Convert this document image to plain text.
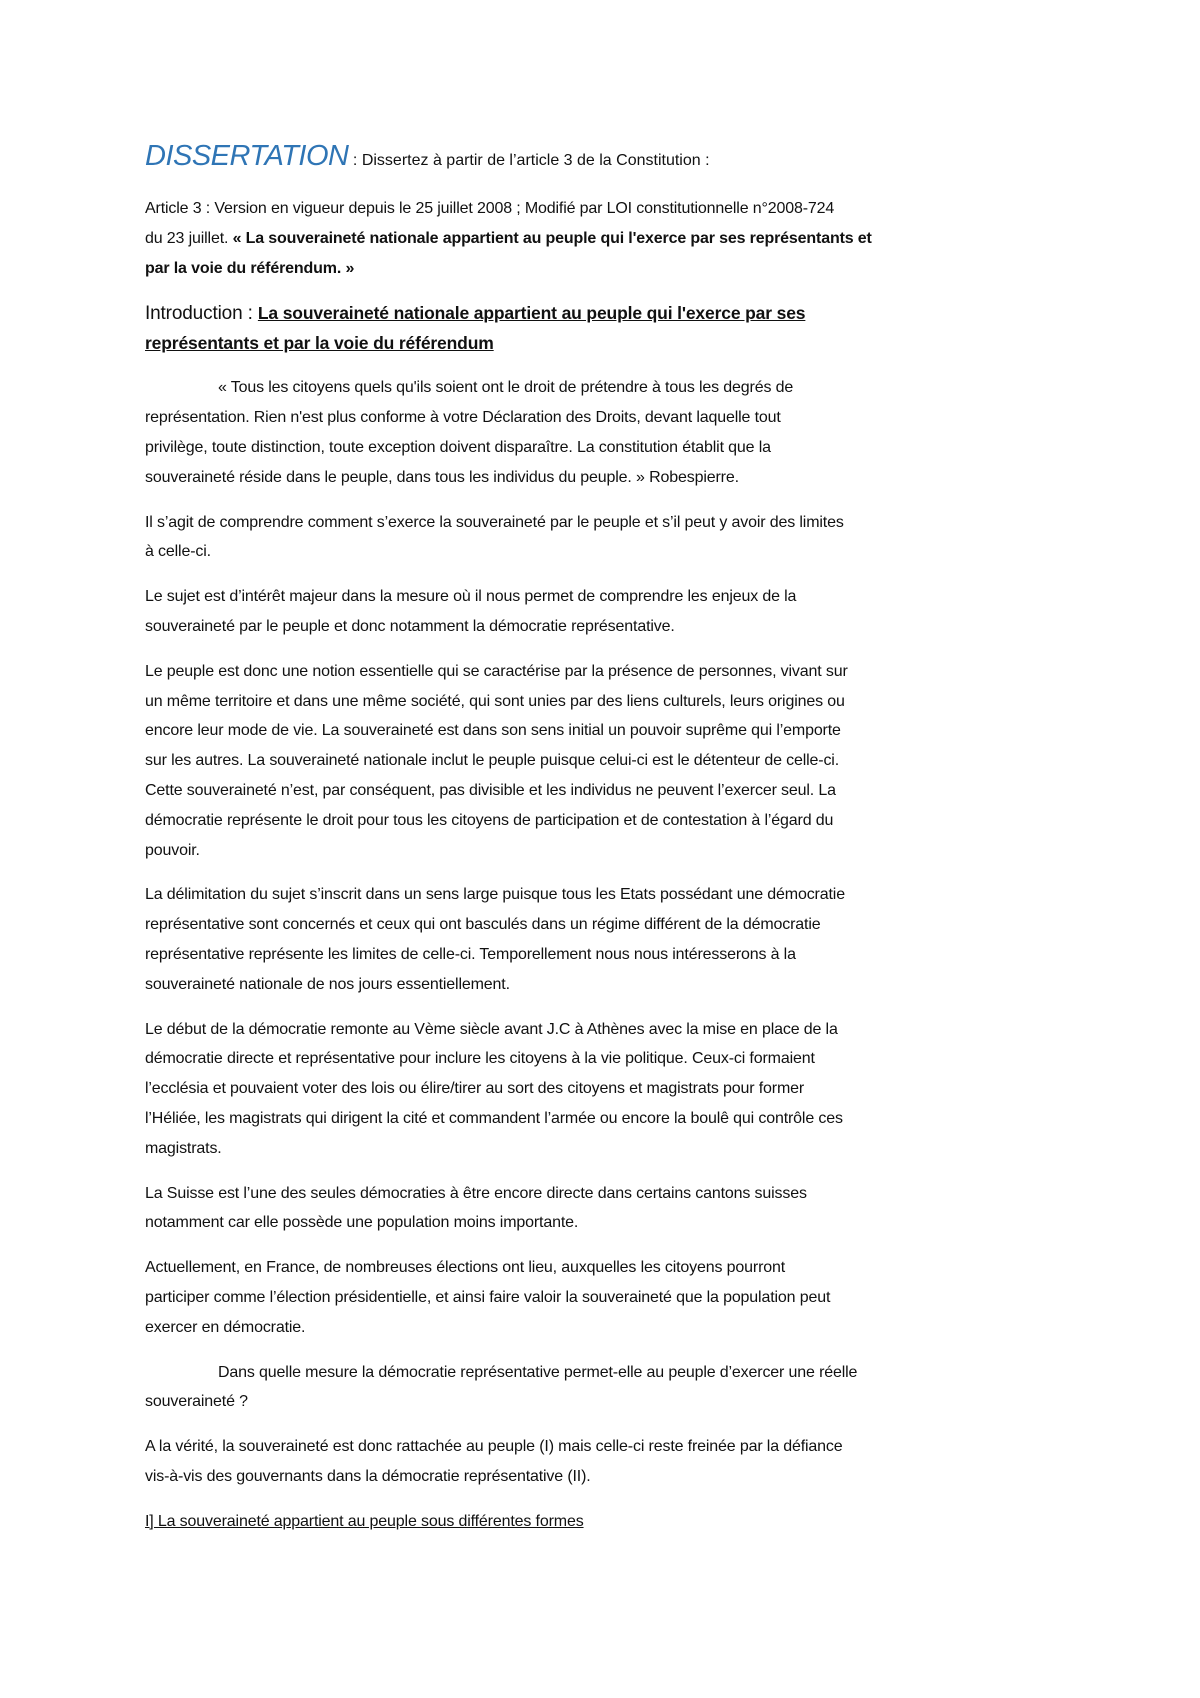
DISSERTATION : Dissertez à partir de l’article 3 de la Constitution :
Article 3 : Version en vigueur depuis le 25 juillet 2008 ; Modifié par LOI constitutionnelle n°2008-724
du 23 juillet. « La souveraineté nationale appartient au peuple qui l'exerce par ses représentants et
par la voie du référendum. »
Introduction : La souveraineté nationale appartient au peuple qui l'exerce par ses
représentants et par la voie du référendum
« Tous les citoyens quels qu'ils soient ont le droit de prétendre à tous les degrés de
représentation. Rien n'est plus conforme à votre Déclaration des Droits, devant laquelle tout
privilège, toute distinction, toute exception doivent disparaître. La constitution établit que la
souveraineté réside dans le peuple, dans tous les individus du peuple. » Robespierre.
Il s’agit de comprendre comment s’exerce la souveraineté par le peuple et s’il peut y avoir des limites
à celle-ci.
Le sujet est d’intérêt majeur dans la mesure où il nous permet de comprendre les enjeux de la
souveraineté par le peuple et donc notamment la démocratie représentative.
Le peuple est donc une notion essentielle qui se caractérise par la présence de personnes, vivant sur
un même territoire et dans une même société, qui sont unies par des liens culturels, leurs origines ou
encore leur mode de vie. La souveraineté est dans son sens initial un pouvoir suprême qui l’emporte
sur les autres. La souveraineté nationale inclut le peuple puisque celui-ci est le détenteur de celle-ci.
Cette souveraineté n’est, par conséquent, pas divisible et les individus ne peuvent l’exercer seul. La
démocratie représente le droit pour tous les citoyens de participation et de contestation à l’égard du
pouvoir.
La délimitation du sujet s’inscrit dans un sens large puisque tous les Etats possédant une démocratie
représentative sont concernés et ceux qui ont basculés dans un régime différent de la démocratie
représentative représente les limites de celle-ci. Temporellement nous nous intéresserons à la
souveraineté nationale de nos jours essentiellement.
Le début de la démocratie remonte au Vème siècle avant J.C à Athènes avec la mise en place de la
démocratie directe et représentative pour inclure les citoyens à la vie politique. Ceux-ci formaient
l’ecclésia et pouvaient voter des lois ou élire/tirer au sort des citoyens et magistrats pour former
l’Héliée, les magistrats qui dirigent la cité et commandent l’armée ou encore la boulê qui contrôle ces
magistrats.
La Suisse est l’une des seules démocraties à être encore directe dans certains cantons suisses
notamment car elle possède une population moins importante.
Actuellement, en France, de nombreuses élections ont lieu, auxquelles les citoyens pourront
participer comme l’élection présidentielle, et ainsi faire valoir la souveraineté que la population peut
exercer en démocratie.
Dans quelle mesure la démocratie représentative permet-elle au peuple d’exercer une réelle
souveraineté ?
A la vérité, la souveraineté est donc rattachée au peuple (I) mais celle-ci reste freinée par la défiance
vis-à-vis des gouvernants dans la démocratie représentative (II).
I] La souveraineté appartient au peuple sous différentes formes
